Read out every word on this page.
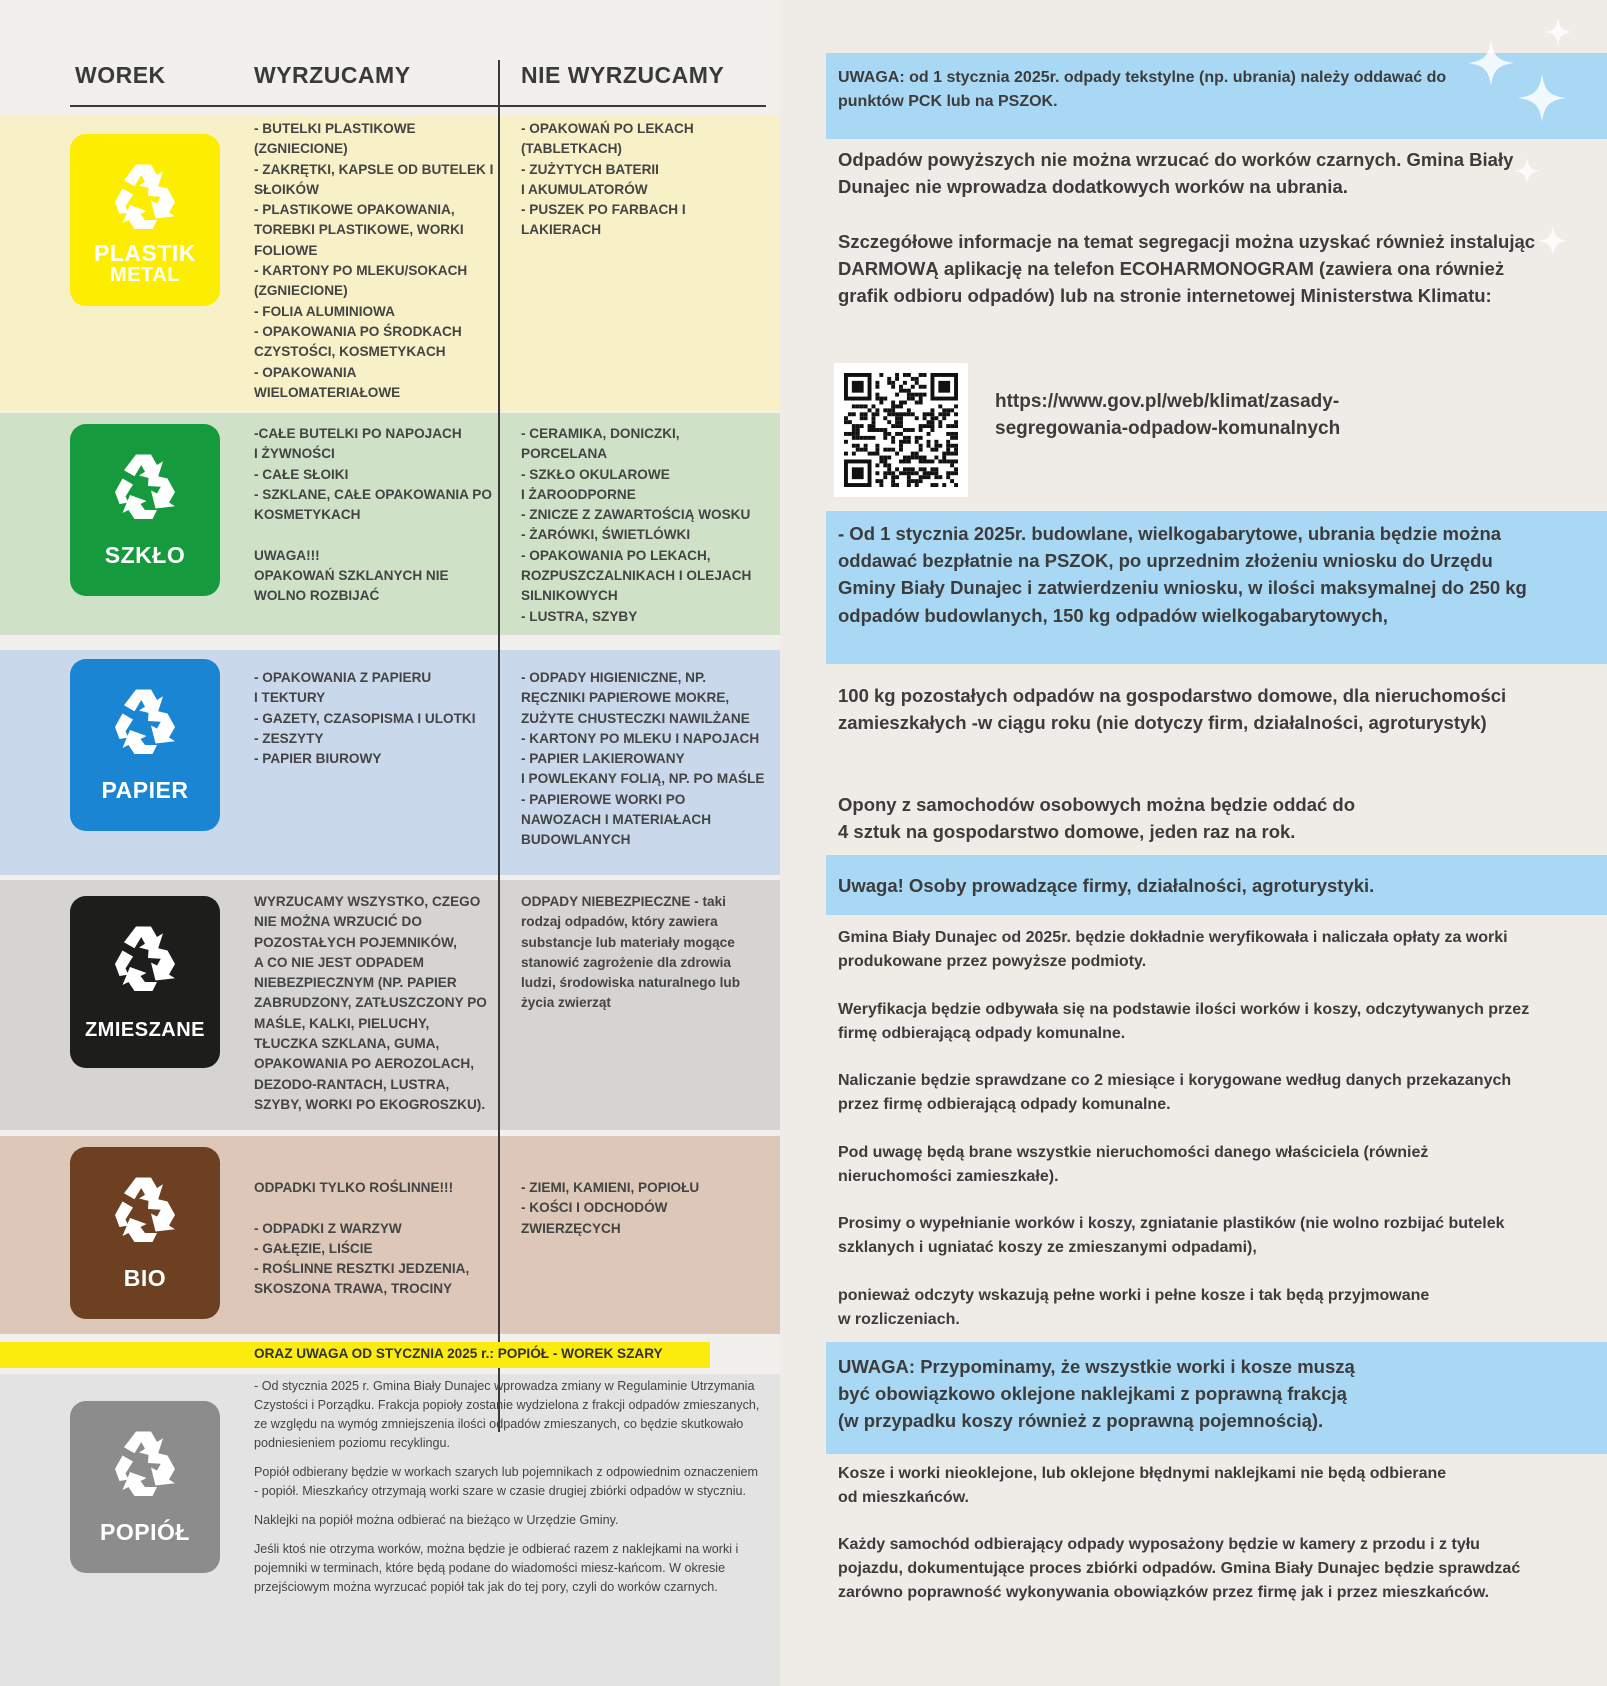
WOREK	WYRZUCAMY	NIE WYRZUCAMY
PLASTIK
METAL
- BUTELKI PLASTIKOWE
(ZGNIECIONE)
- ZAKRĘTKI, KAPSLE OD BUTELEK I SŁOIKÓW
- PLASTIKOWE OPAKOWANIA, TOREBKI PLASTIKOWE, WORKI FOLIOWE
- KARTONY PO MLEKU/SOKACH (ZGNIECIONE)
- FOLIA ALUMINIOWA
- OPAKOWANIA PO ŚRODKACH CZYSTOŚCI, KOSMETYKACH
- OPAKOWANIA WIELOMATERIAŁOWE
- OPAKOWAŃ PO LEKACH (TABLETKACH)
- ZUŻYTYCH BATERII
I AKUMULATORÓW
- PUSZEK PO FARBACH I LAKIERACH
SZKŁO
-CAŁE BUTELKI PO NAPOJACH
I ŻYWNOŚCI
- CAŁE SŁOIKI
- SZKLANE, CAŁE OPAKOWANIA PO KOSMETYKACH

UWAGA!!!
OPAKOWAŃ SZKLANYCH NIE WOLNO ROZBIJAĆ
- CERAMIKA, DONICZKI, PORCELANA
- SZKŁO OKULAROWE
I ŻAROODPORNE
- ZNICZE Z ZAWARTOŚCIĄ WOSKU
- ŻARÓWKI, ŚWIETLÓWKI
- OPAKOWANIA PO LEKACH, ROZPUSZCZALNIKACH I OLEJACH SILNIKOWYCH
- LUSTRA, SZYBY
PAPIER
- OPAKOWANIA Z PAPIERU
I TEKTURY
- GAZETY, CZASOPISMA I ULOTKI
- ZESZYTY
- PAPIER BIUROWY
- ODPADY HIGIENICZNE, NP. RĘCZNIKI PAPIEROWE MOKRE, ZUŻYTE CHUSTECZKI NAWILŻANE
- KARTONY PO MLEKU I NAPOJACH
- PAPIER LAKIEROWANY
I POWLEKANY FOLIĄ, NP. PO MAŚLE
- PAPIEROWE WORKI PO NAWOZACH I MATERIAŁACH BUDOWLANYCH
ZMIESZANE
WYRZUCAMY WSZYSTKO, CZEGO NIE MOŻNA WRZUCIĆ DO POZOSTAŁYCH POJEMNIKÓW,
A CO NIE JEST ODPADEM NIEBEZPIECZNYM (NP. PAPIER ZABRUDZONY, ZATŁUSZCZONY PO MAŚLE, KALKI, PIELUCHY, TŁUCZKA SZKLANA, GUMA, OPAKOWANIA PO AEROZOLACH, DEZODO-RANTACH, LUSTRA, SZYBY, WORKI PO EKOGROSZKU).
ODPADY NIEBEZPIECZNE - taki rodzaj odpadów, który zawiera substancje lub materiały mogące stanowić zagrożenie dla zdrowia ludzi, środowiska naturalnego lub życia zwierząt
BIO
ODPADKI TYLKO ROŚLINNE!!!

- ODPADKI Z WARZYW
- GAŁĘZIE, LIŚCIE
- ROŚLINNE RESZTKI JEDZENIA, SKOSZONA TRAWA, TROCINY
- ZIEMI, KAMIENI, POPIOŁU
- KOŚCI I ODCHODÓW ZWIERZĘCYCH
ORAZ UWAGA OD STYCZNIA 2025 r.: POPIÓŁ - WOREK SZARY
POPIÓŁ

- Od stycznia 2025 r. Gmina Biały Dunajec wprowadza zmiany w Regulaminie Utrzymania Czystości i Porządku. Frakcja popioły zostanie wydzielona z frakcji odpadów zmieszanych, ze względu na wymóg zmniejszenia ilości odpadów zmieszanych, co będzie skutkowało podniesieniem poziomu recyklingu.

Popiół odbierany będzie w workach szarych lub pojemnikach z odpowiednim oznaczeniem - popiół. Mieszkańcy otrzymają worki szare w czasie drugiej zbiórki odpadów w styczniu.

Naklejki na popiół można odbierać na bieżąco w Urzędzie Gminy.

Jeśli ktoś nie otrzyma worków, można będzie je odbierać razem z naklejkami na worki i pojemniki w terminach, które będą podane do wiadomości miesz-kańcom. W okresie przejściowym można wyrzucać popiół tak jak do tej pory, czyli do worków czarnych.

UWAGA: od 1 stycznia 2025r. odpady tekstylne (np. ubrania) należy oddawać do punktów PCK lub na PSZOK.
Odpadów powyższych nie można wrzucać do worków czarnych. Gmina Biały Dunajec nie wprowadza dodatkowych worków na ubrania.
Szczegółowe informacje na temat segregacji można uzyskać również instalując DARMOWĄ aplikację na telefon ECOHARMONOGRAM (zawiera ona również grafik odbioru odpadów) lub na stronie internetowej Ministerstwa Klimatu:
https://www.gov.pl/web/klimat/zasady-
segregowania-odpadow-komunalnych
- Od 1 stycznia 2025r. budowlane, wielkogabarytowe, ubrania będzie można oddawać bezpłatnie na PSZOK, po uprzednim złożeniu wniosku do Urzędu Gminy Biały Dunajec i zatwierdzeniu wniosku, w ilości maksymalnej do 250 kg odpadów budowlanych, 150 kg odpadów wielkogabarytowych,
100 kg pozostałych odpadów na gospodarstwo domowe, dla nieruchomości zamieszkałych -w ciągu roku (nie dotyczy firm, działalności, agroturystyk)
Opony z samochodów osobowych można będzie oddać do
4 sztuk na gospodarstwo domowe, jeden raz na rok.
Uwaga! Osoby prowadzące firmy, działalności, agroturystyki.
Gmina Biały Dunajec od 2025r. będzie dokładnie weryfikowała i naliczała opłaty za worki produkowane przez powyższe podmioty.
Weryfikacja będzie odbywała się na podstawie ilości worków i koszy, odczytywanych przez firmę odbierającą odpady komunalne.
Naliczanie będzie sprawdzane co 2 miesiące i korygowane według danych przekazanych przez firmę odbierającą odpady komunalne.
Pod uwagę będą brane wszystkie nieruchomości danego właściciela (również nieruchomości zamieszkałe).
Prosimy o wypełnianie worków i koszy, zgniatanie plastików (nie wolno rozbijać butelek szklanych i ugniatać koszy ze zmieszanymi odpadami),
ponieważ odczyty wskazują pełne worki i pełne kosze i tak będą przyjmowane
w rozliczeniach.
UWAGA: Przypominamy, że wszystkie worki i kosze muszą
być obowiązkowo oklejone naklejkami z poprawną frakcją
(w przypadku koszy również z poprawną pojemnością).
Kosze i worki nieoklejone, lub oklejone błędnymi naklejkami nie będą odbierane
od mieszkańców.
Każdy samochód odbierający odpady wyposażony będzie w kamery z przodu i z tyłu pojazdu, dokumentujące proces zbiórki odpadów. Gmina Biały Dunajec będzie sprawdzać zarówno poprawność wykonywania obowiązków przez firmę jak i przez mieszkańców.
